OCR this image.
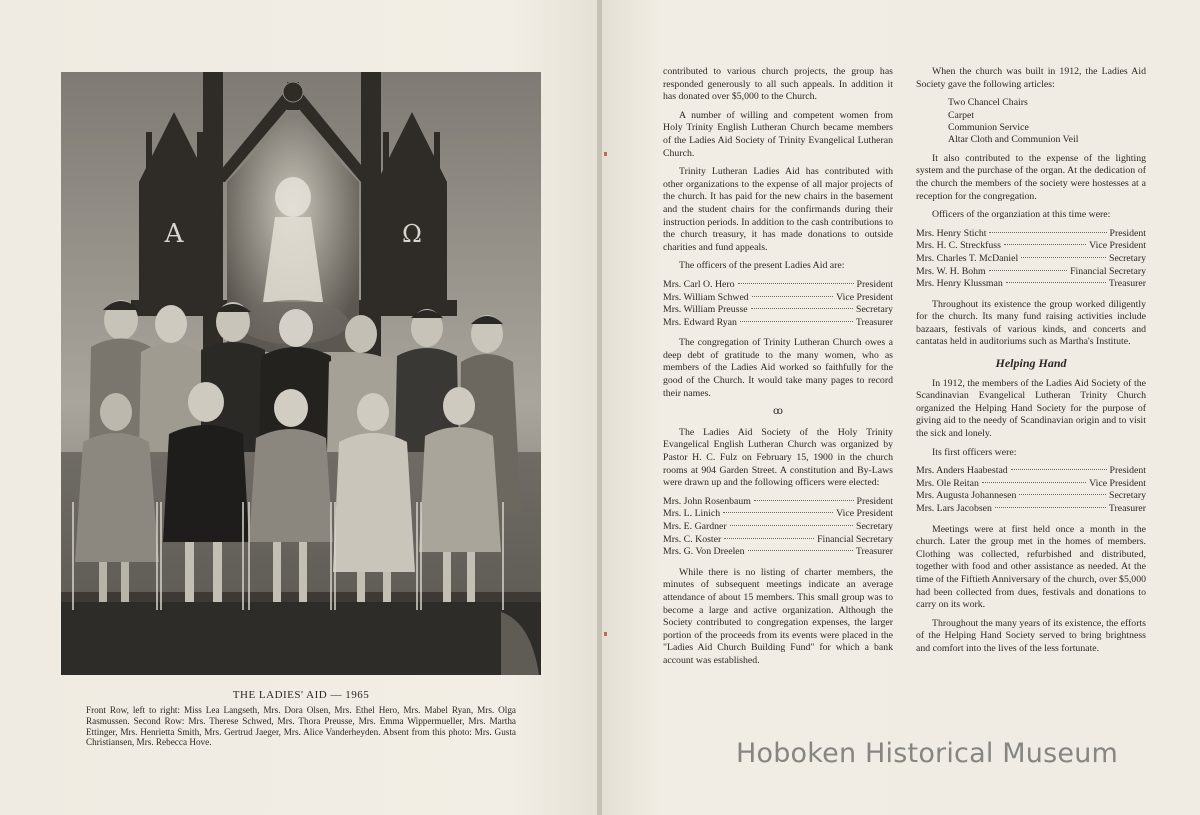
A	Ω
THE LADIES' AID — 1965
Front Row, left to right: Miss Lea Langseth, Mrs. Dora Olsen, Mrs. Ethel Hero, Mrs. Mabel Ryan, Mrs. Olga Rasmussen. Second Row: Mrs. Therese Schwed, Mrs. Thora Preusse, Mrs. Emma Wippermueller, Mrs. Martha Ettinger, Mrs. Henrietta Smith, Mrs. Gertrud Jaeger, Mrs. Alice Vanderheyden. Absent from this photo: Mrs. Gusta Christiansen, Mrs. Rebecca Hove.

contributed to various church projects, the group has responded generously to all such appeals. In addition it has donated over $5,000 to the Church.

A number of willing and competent women from Holy Trinity English Lutheran Church became members of the Ladies Aid Society of Trinity Evangelical Lutheran Church.

Trinity Lutheran Ladies Aid has contributed with other organizations to the expense of all major projects of the church. It has paid for the new chairs in the basement and the student chairs for the confirmands during their instruction periods. In addition to the cash contributions to the church treasury, it has made donations to outside charities and fund appeals.

The officers of the present Ladies Aid are:

Mrs. Carl O. Hero	President
Mrs. William Schwed	Vice President
Mrs. William Preusse	Secretary
Mrs. Edward Ryan	Treasurer

The congregation of Trinity Lutheran Church owes a deep debt of gratitude to the many women, who as members of the Ladies Aid worked so faithfully for the good of the Church. It would take many pages to record their names.

ꝏ

The Ladies Aid Society of the Holy Trinity Evangelical English Lutheran Church was organized by Pastor H. C. Fulz on February 15, 1900 in the church rooms at 904 Garden Street. A constitution and By-Laws were drawn up and the following officers were elected:

Mrs. John Rosenbaum	President
Mrs. L. Linich	Vice President
Mrs. E. Gardner	Secretary
Mrs. C. Koster	Financial Secretary
Mrs. G. Von Dreelen	Treasurer

While there is no listing of charter members, the minutes of subsequent meetings indicate an average attendance of about 15 members. This small group was to become a large and active organization. Although the Society contributed to congregation expenses, the larger portion of the proceeds from its events were placed in the "Ladies Aid Church Building Fund" for which a bank account was established.

When the church was built in 1912, the Ladies Aid Society gave the following articles:

Two Chancel Chairs
Carpet
Communion Service
Altar Cloth and Communion Veil

It also contributed to the expense of the lighting system and the purchase of the organ. At the dedication of the church the members of the society were hostesses at a reception for the congregation.

Officers of the organziation at this time were:

Mrs. Henry Sticht	President
Mrs. H. C. Streckfuss	Vice President
Mrs. Charles T. McDaniel	Secretary
Mrs. W. H. Bohm	Financial Secretary
Mrs. Henry Klussman	Treasurer

Throughout its existence the group worked diligently for the church. Its many fund raising activities include bazaars, festivals of various kinds, and concerts and cantatas held in auditoriums such as Martha's Institute.

Helping Hand

In 1912, the members of the Ladies Aid Society of the Scandinavian Evangelical Lutheran Trinity Church organized the Helping Hand Society for the purpose of giving aid to the needy of Scandinavian origin and to visit the sick and lonely.

Its first officers were:

Mrs. Anders Haabestad	President
Mrs. Ole Reitan	Vice President
Mrs. Augusta Johannesen	Secretary
Mrs. Lars Jacobsen	Treasurer

Meetings were at first held once a month in the church. Later the group met in the homes of members. Clothing was collected, refurbished and distributed, together with food and other assistance as needed. At the time of the Fiftieth Anniversary of the church, over $5,000 had been collected from dues, festivals and donations to carry on its work.

Throughout the many years of its existence, the efforts of the Helping Hand Society served to bring brightness and comfort into the lives of the less fortunate.

Hoboken Historical Museum
